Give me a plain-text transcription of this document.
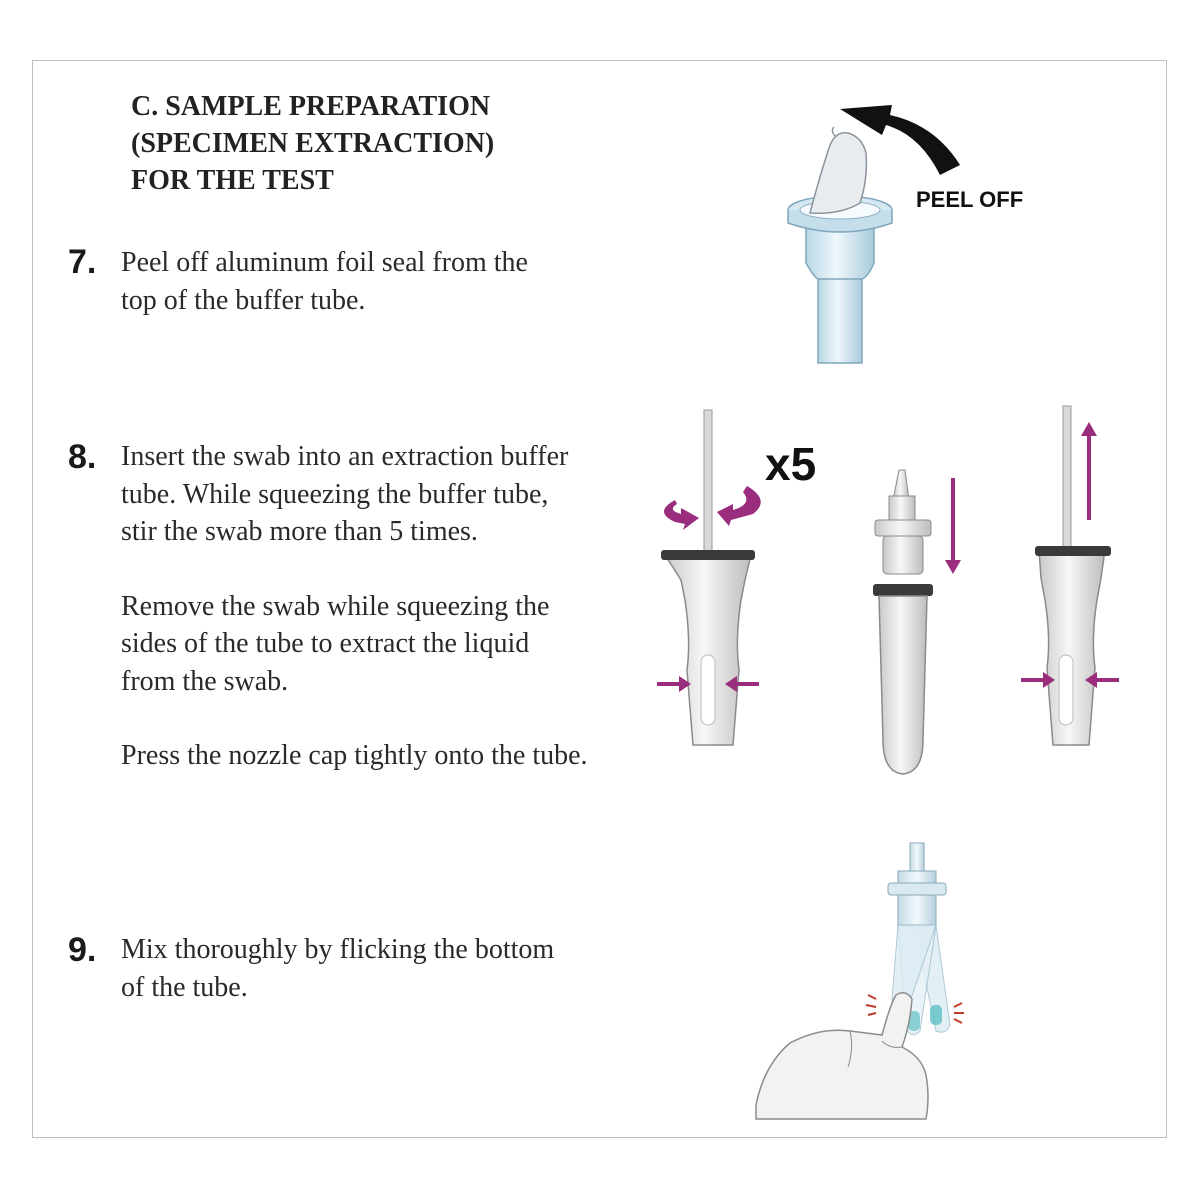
C. SAMPLE PREPARATION
(SPECIMEN EXTRACTION)
FOR THE TEST
7. Peel off aluminum foil seal from the
top of the buffer tube.

8. Insert the swab into an extraction buffer
tube. While squeezing the buffer tube,
stir the swab more than 5 times.

Remove the swab while squeezing the
sides of the tube to extract the liquid
from the swab.

Press the nozzle cap tightly onto the tube.

9. Mix thoroughly by flicking the bottom
of the tube.

PEEL OFF
x5
